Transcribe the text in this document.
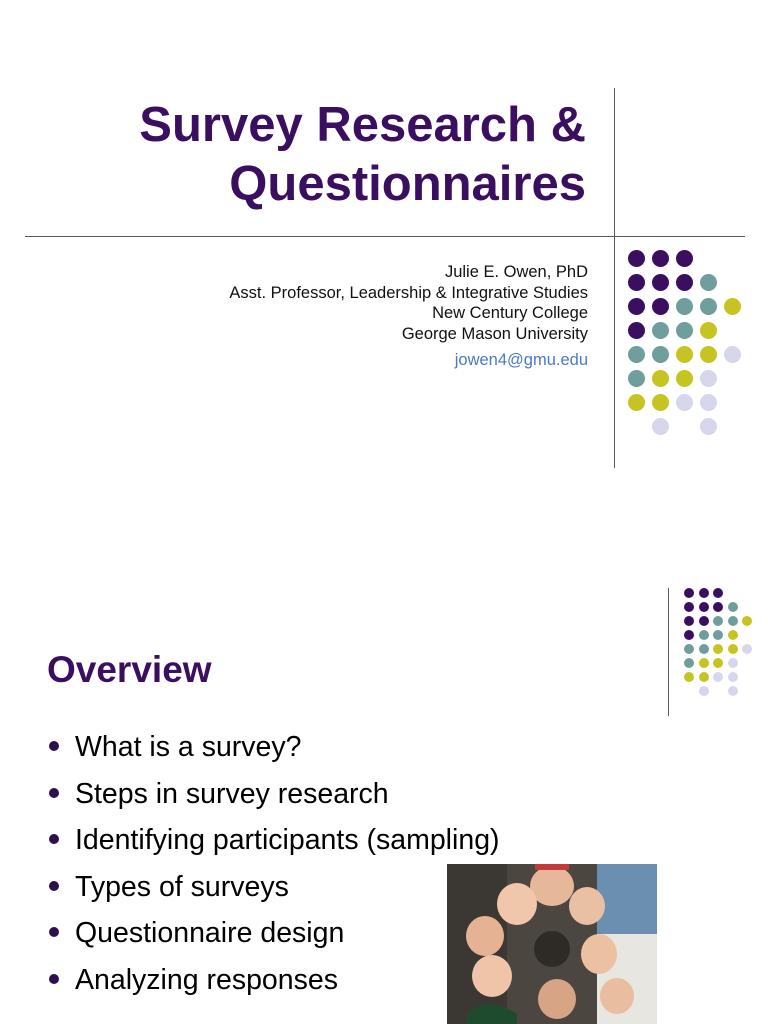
Survey Research &
Questionnaires
Julie E. Owen, PhD
Asst. Professor, Leadership & Integrative Studies
New Century College
George Mason University
jowen4@gmu.edu
Overview
What is a survey?
Steps in survey research
Identifying participants (sampling)
Types of surveys
Questionnaire design
Analyzing responses
